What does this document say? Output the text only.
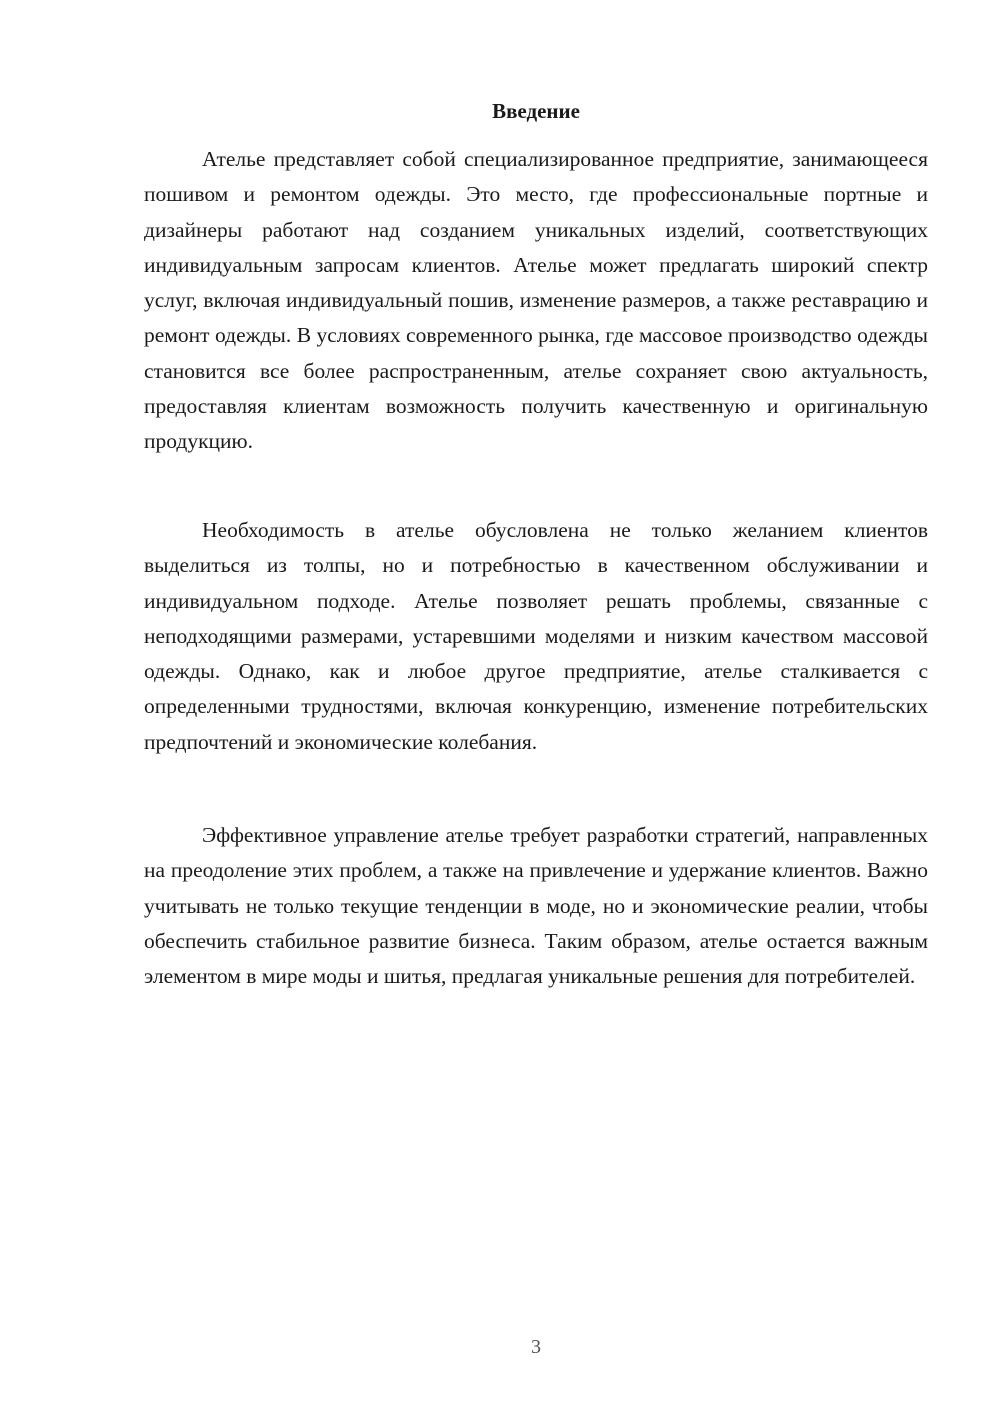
Введение

Ателье представляет собой специализированное предприятие, занимающееся пошивом и ремонтом одежды. Это место, где профессиональные портные и дизайнеры работают над созданием уникальных изделий, соответствующих индивидуальным запросам клиентов. Ателье может предлагать широкий спектр услуг, включая индивидуальный пошив, изменение размеров, а также реставрацию и ремонт одежды. В условиях современного рынка, где массовое производство одежды становится все более распространенным, ателье сохраняет свою актуальность, предоставляя клиентам возможность получить качественную и оригинальную продукцию.

Необходимость в ателье обусловлена не только желанием клиентов выделиться из толпы, но и потребностью в качественном обслуживании и индивидуальном подходе. Ателье позволяет решать проблемы, связанные с неподходящими размерами, устаревшими моделями и низким качеством массовой одежды. Однако, как и любое другое предприятие, ателье сталкивается с определенными трудностями, включая конкуренцию, изменение потребительских предпочтений и экономические колебания.

Эффективное управление ателье требует разработки стратегий, направленных на преодоление этих проблем, а также на привлечение и удержание клиентов. Важно учитывать не только текущие тенденции в моде, но и экономические реалии, чтобы обеспечить стабильное развитие бизнеса. Таким образом, ателье остается важным элементом в мире моды и шитья, предлагая уникальные решения для потребителей.

3
